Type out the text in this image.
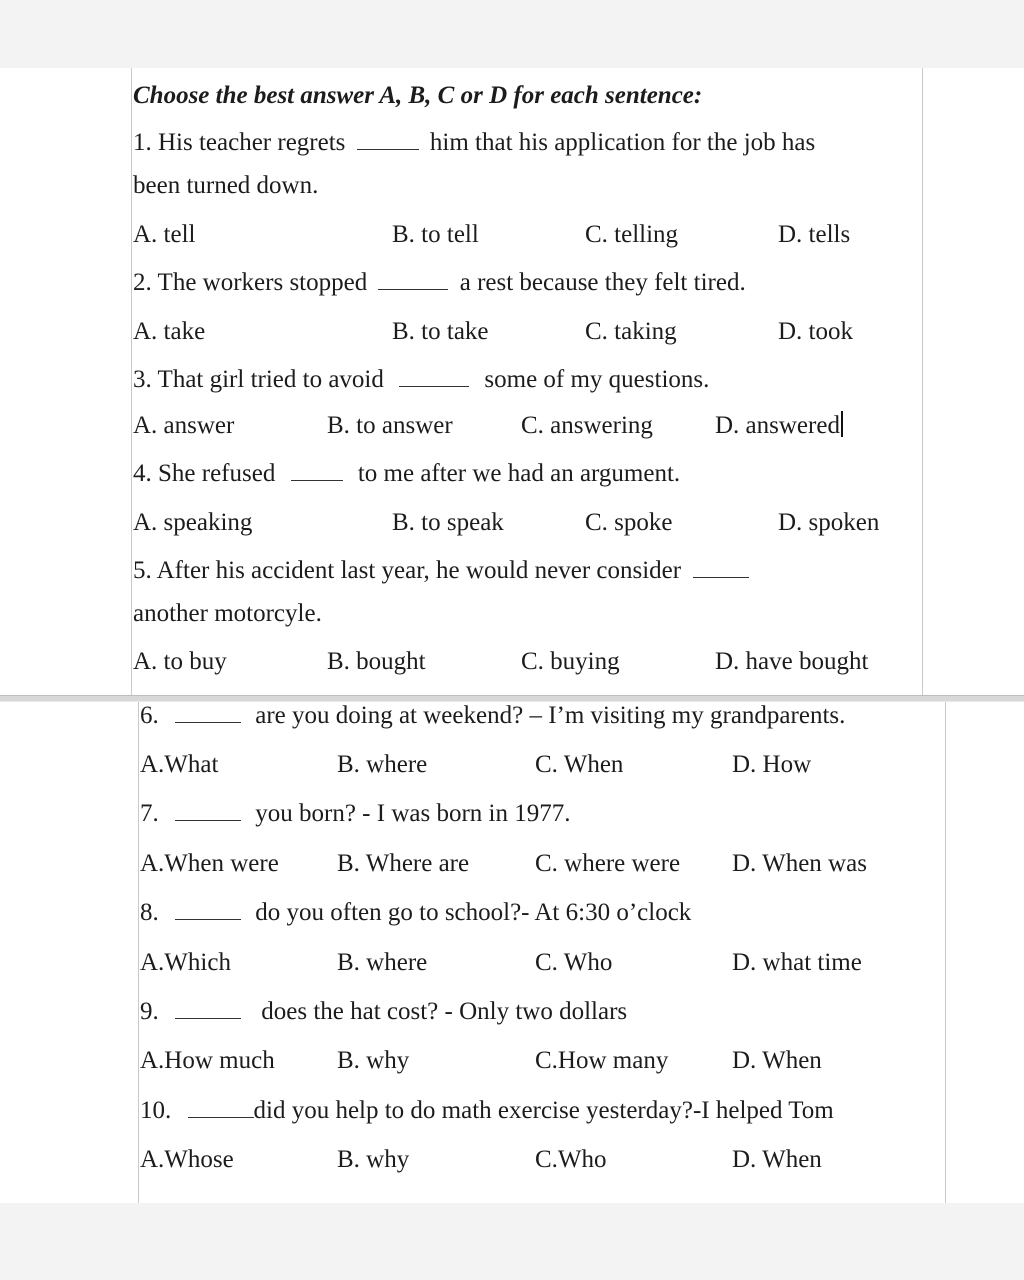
Choose the best answer A, B, C or D for each sentence:
1. His teacher regrets	him that his application for the job has
been turned down.
A. tell	B. to tell	C. telling	D. tells
2. The workers stopped	a rest because they felt tired.
A. take	B. to take	C. taking	D. took
3. That girl tried to avoid	some of my questions.
A. answer	B. to answer	C. answering D. answered
4. She refused	to me after we had an argument.
A. speaking	B. to speak	C. spoke	D. spoken
5. After his accident last year, he would never consider
another motorcyle.
A. to buy	B. bought	C. buying	D. have bought
6.	are you doing at weekend? – I’m visiting my grandparents.
A.What	B. where	C. When	D. How
7.	you born? - I was born in 1977.
A.When were B. Where are	C. where were D. When was
8.	do you often go to school?- At 6:30 o’clock
A.Which	B. where	C. Who	D. what time
9.	does the hat cost? - Only two dollars
A.How much B. why	C.How many	D. When
10.	did you help to do math exercise yesterday?-I helped Tom
A.Whose	B. why	C.Who	D. When
